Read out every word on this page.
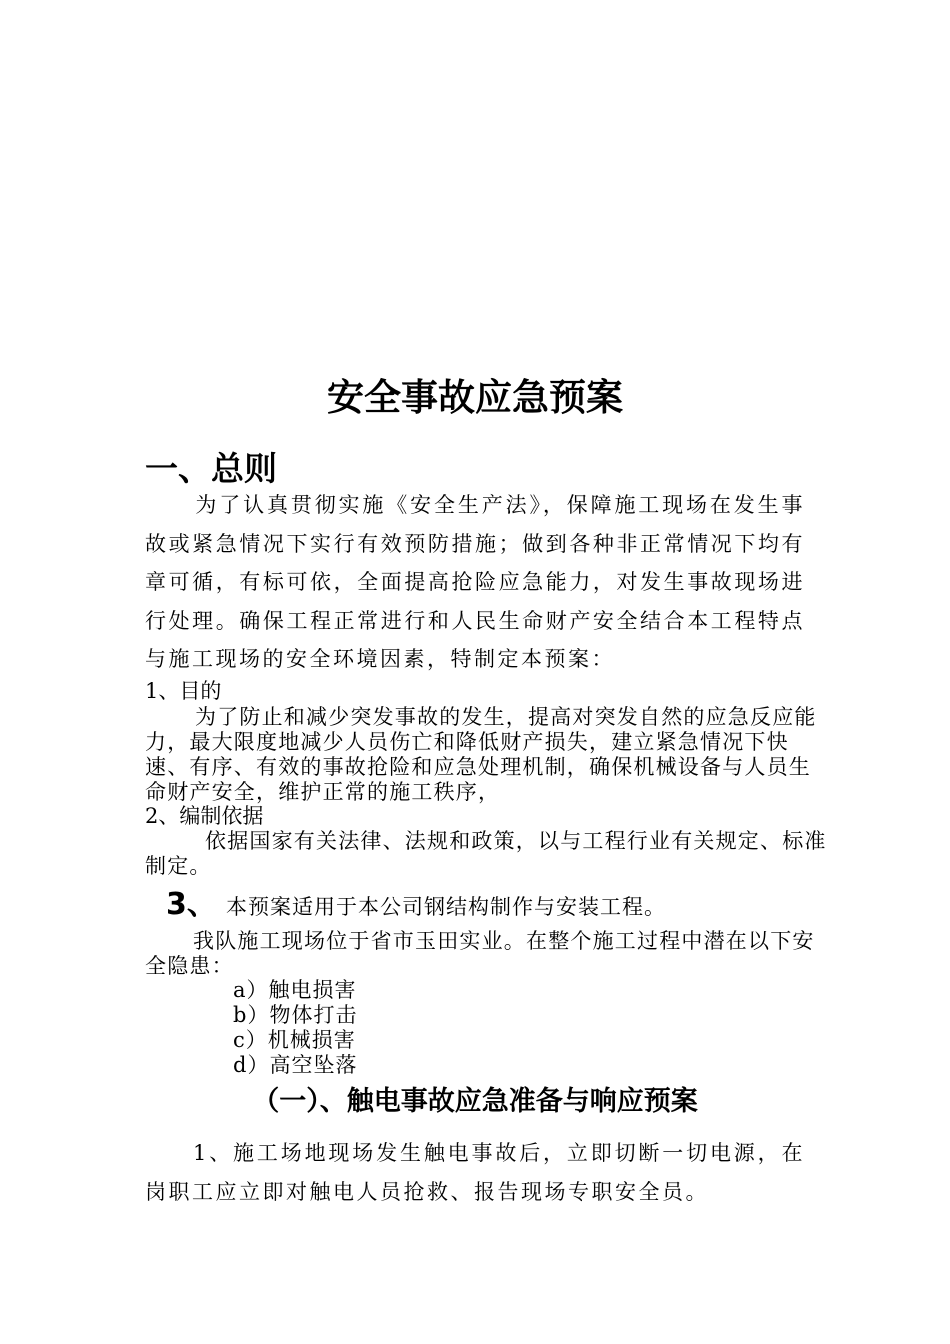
安全事故应急预案
一、总则
为了认真贯彻实施《安全生产法》，保障施工现场在发生事故或紧急情况下实行有效预防措施；做到各种非正常情况下均有章可循，有标可依，全面提高抢险应急能力，对发生事故现场进行处理。确保工程正常进行和人民生命财产安全结合本工程特点与施工现场的安全环境因素，特制定本预案：
1、目的
为了防止和减少突发事故的发生，提高对突发自然的应急反应能力，最大限度地减少人员伤亡和降低财产损失，建立紧急情况下快速、有序、有效的事故抢险和应急处理机制，确保机械设备与人员生命财产安全，维护正常的施工秩序，
2、编制依据
依据国家有关法律、法规和政策，以与工程行业有关规定、标准制定。
3、 本预案适用于本公司钢结构制作与安装工程。
我队施工现场位于省市玉田实业。在整个施工过程中潜在以下安全隐患：
a）触电损害
b）物体打击
c）机械损害
d）高空坠落
（一）、触电事故应急准备与响应预案
1、施工场地现场发生触电事故后，立即切断一切电源，在岗职工应立即对触电人员抢救、报告现场专职安全员。
